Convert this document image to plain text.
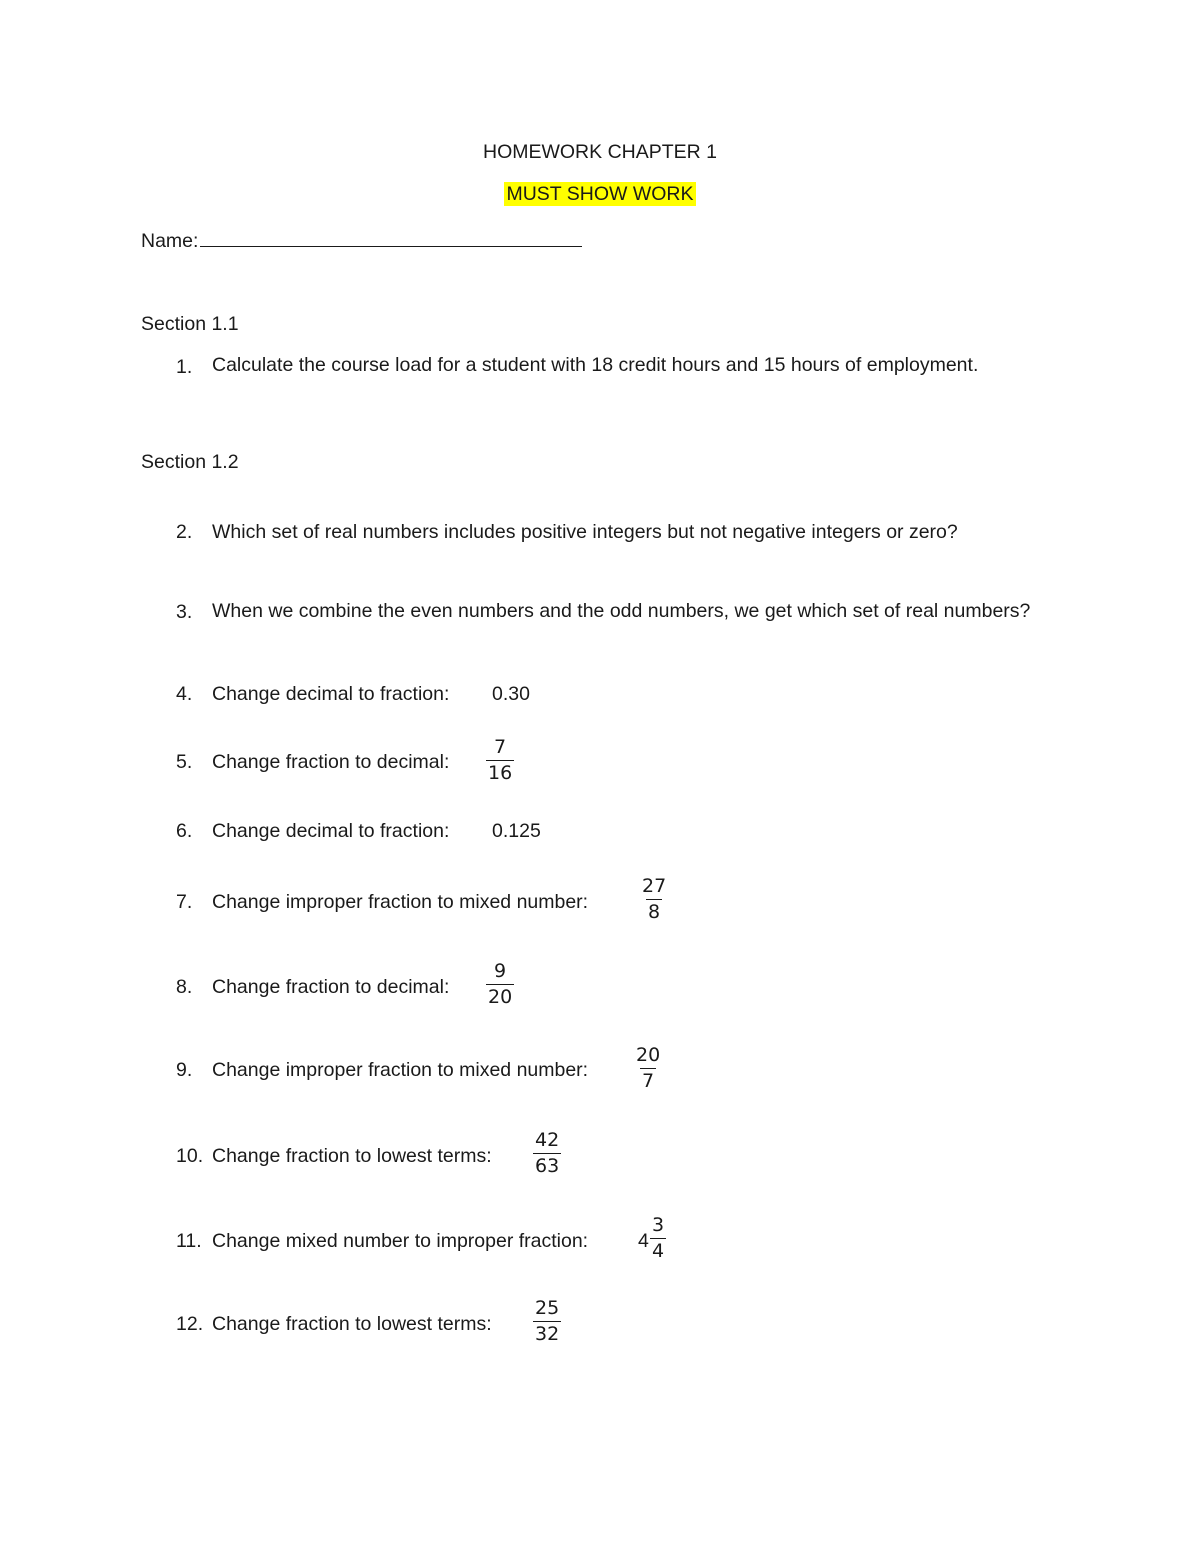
HOMEWORK CHAPTER 1
MUST SHOW WORK
Name:
Section 1.1
1. Calculate the course load for a student with 18 credit hours and 15 hours of employment.
Section 1.2
2. Which set of real numbers includes positive integers but not negative integers or zero?
3. When we combine the even numbers and the odd numbers, we get which set of real numbers?
4. Change decimal to fraction: 0.30
5. Change fraction to decimal: $\frac{7}{16}$
6. Change decimal to fraction: 0.125
7. Change improper fraction to mixed number:	$\frac{27}{8}$
8. Change fraction to decimal: $\frac{9}{20}$
9. Change improper fraction to mixed number: $\frac{20}{7}$
10. Change fraction to lowest terms: $\frac{42}{63}$
11. Change mixed number to improper fraction:	$4 \frac{3}{4}$
12. Change fraction to lowest terms: $\frac{25}{32}$
